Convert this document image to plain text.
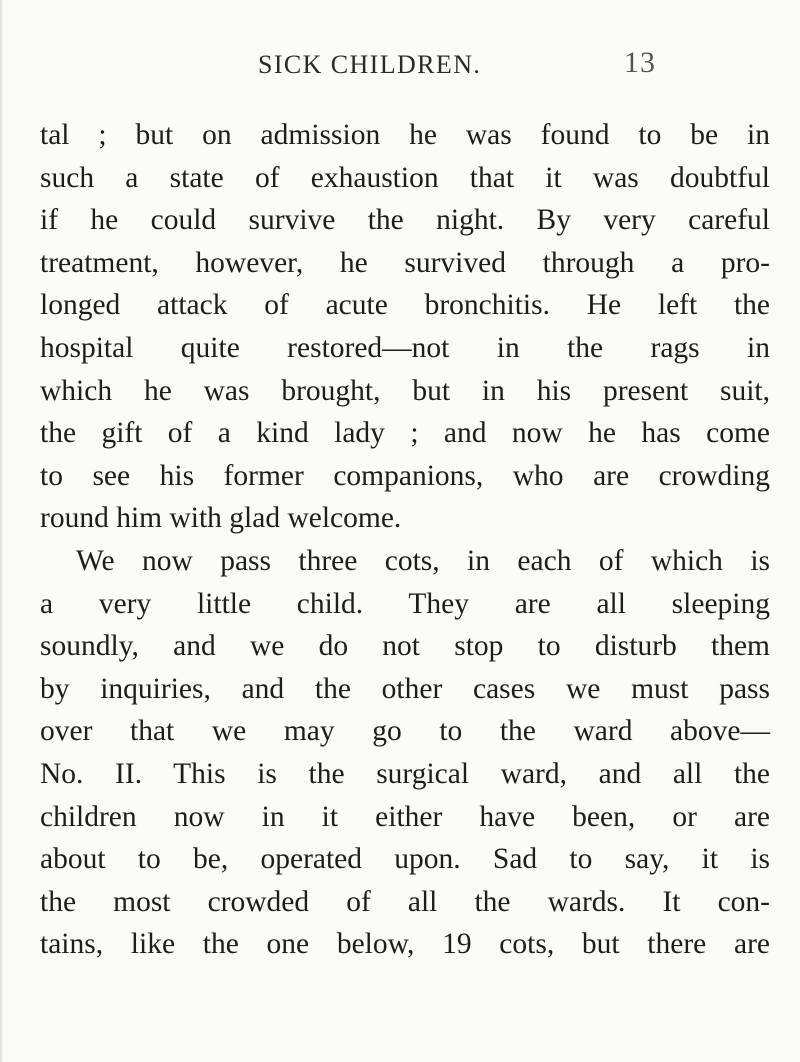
SICK CHILDREN.	13
tal ; but on admission he was found to be in
such a state of exhaustion that it was doubtful
if he could survive the night. By very careful
treatment, however, he survived through a pro-
longed attack of acute bronchitis. He left the
hospital quite restored—not in the rags in
which he was brought, but in his present suit,
the gift of a kind lady ; and now he has come
to see his former companions, who are crowding
round him with glad welcome.
We now pass three cots, in each of which is
a very little child. They are all sleeping
soundly, and we do not stop to disturb them
by inquiries, and the other cases we must pass
over that we may go to the ward above—
No. II. This is the surgical ward, and all the
children now in it either have been, or are
about to be, operated upon. Sad to say, it is
the most crowded of all the wards. It con-
tains, like the one below, 19 cots, but there are
